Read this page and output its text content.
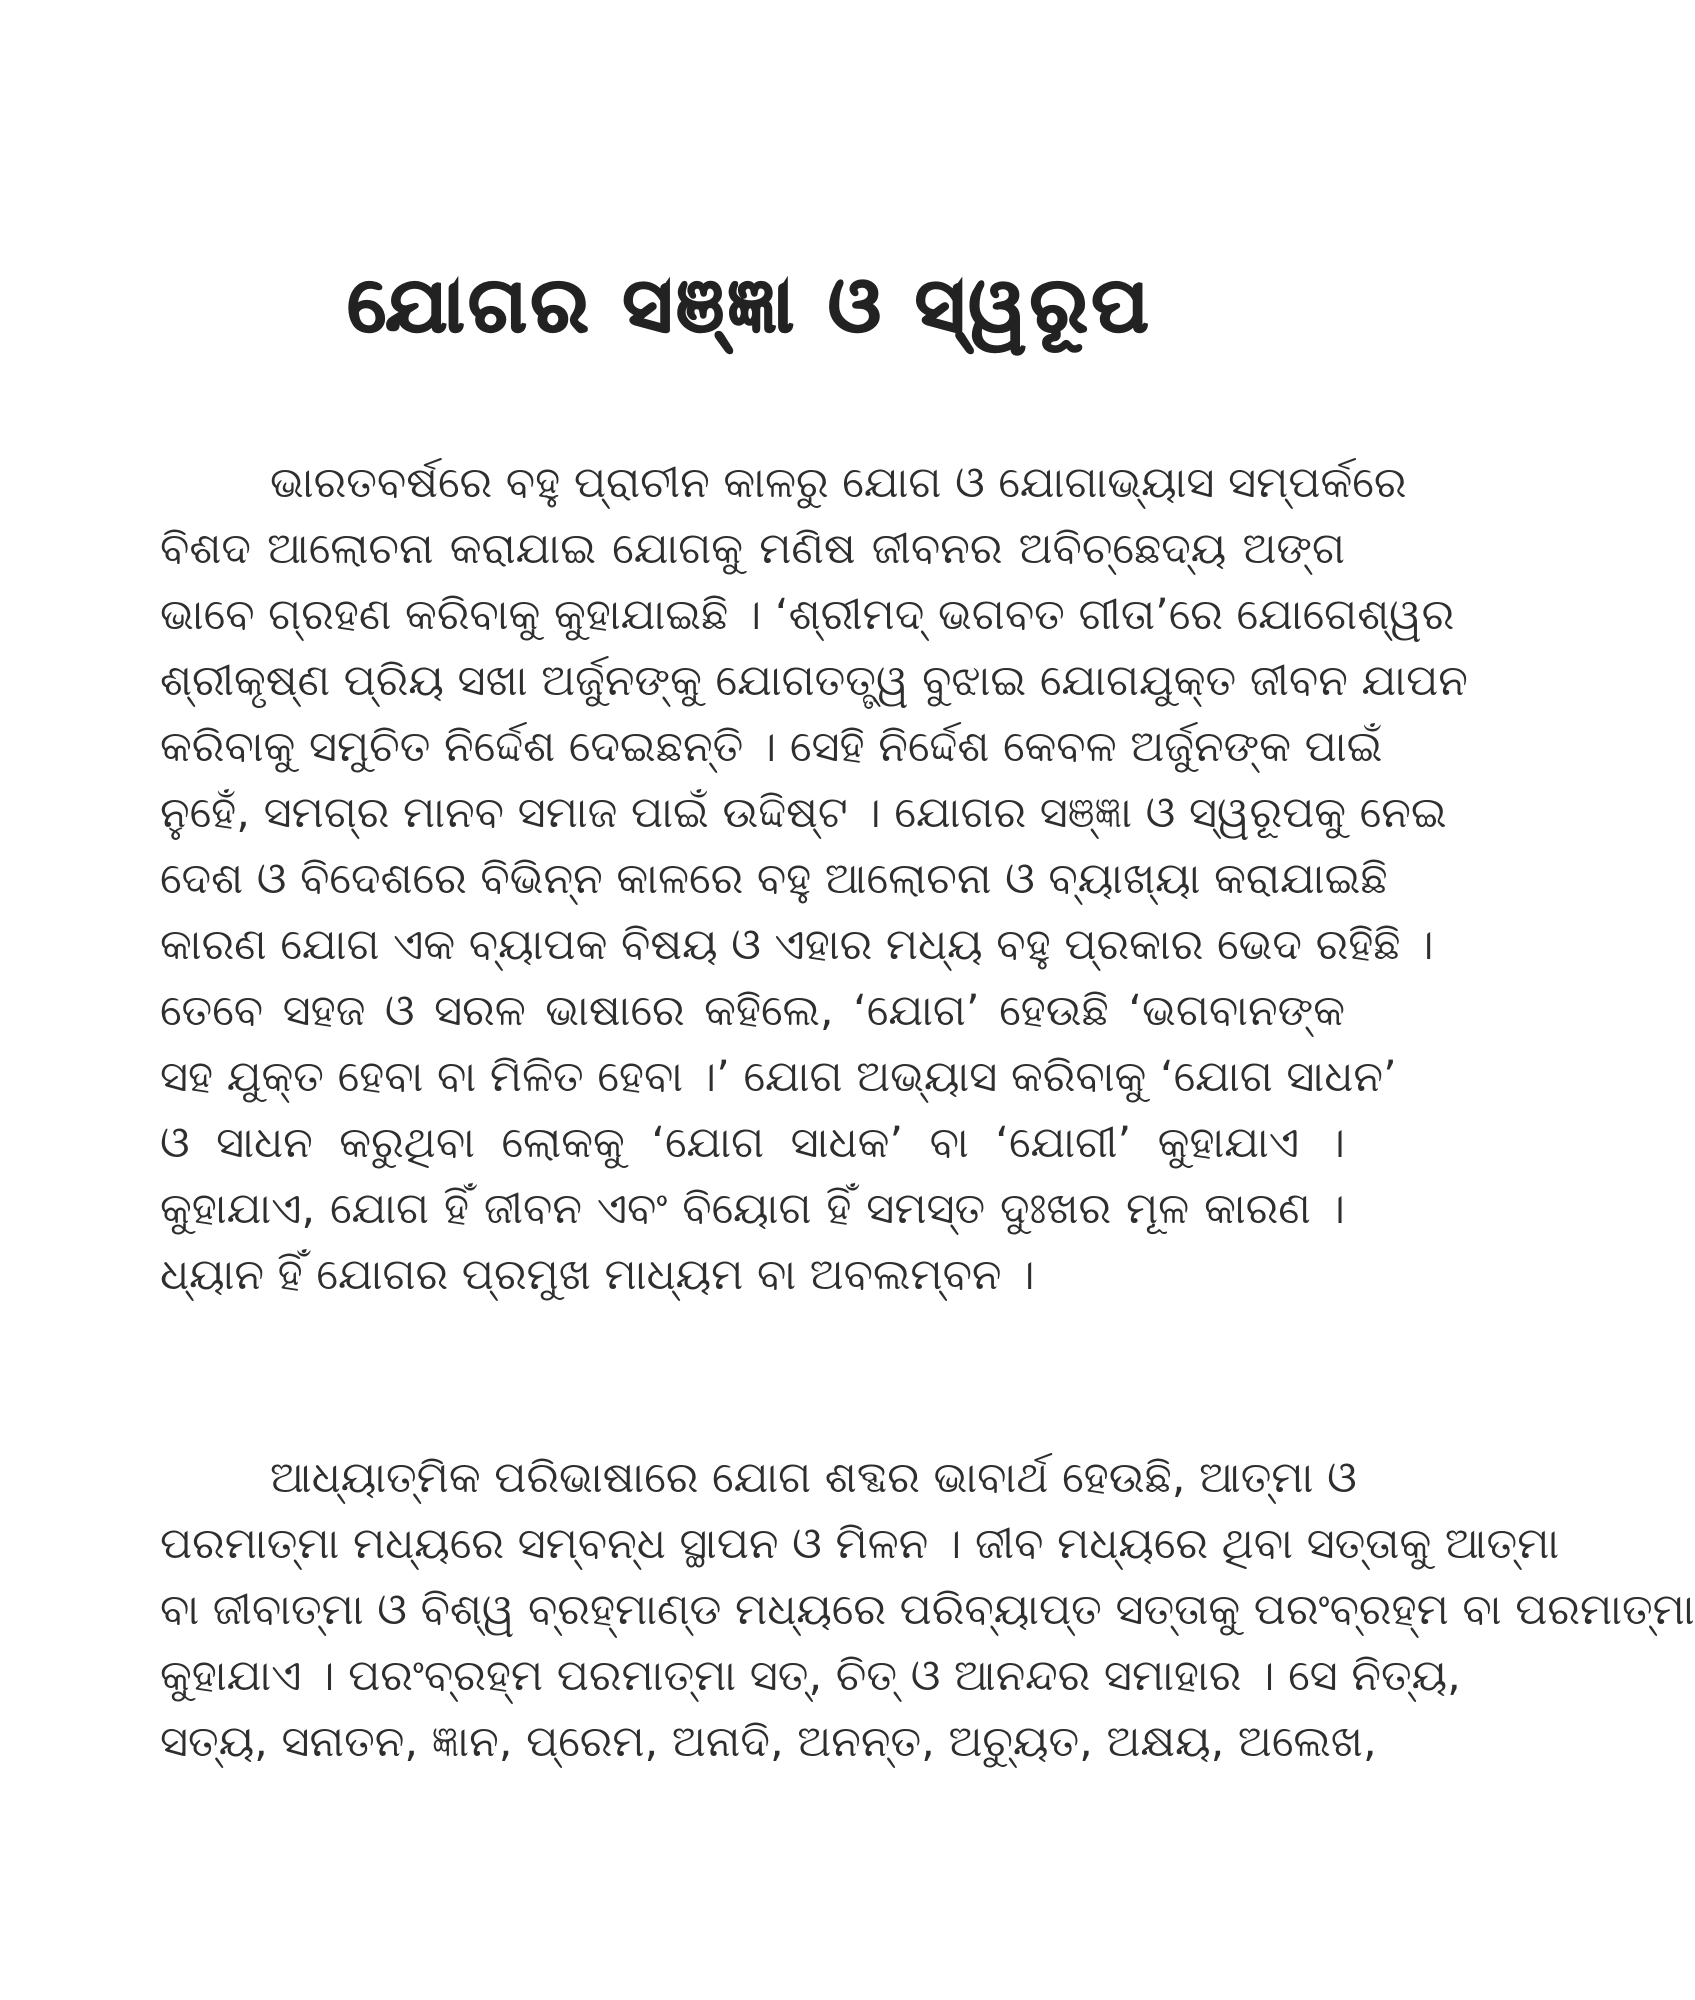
ଯୋଗର ସଞ୍ଜ୍ଞା ଓ ସ୍ୱରୂପ
ଭାରତବର୍ଷରେ ବହୁ ପ୍ରାଚୀନ କାଳରୁ ଯୋଗ ଓ ଯୋଗାଭ୍ୟାସ ସମ୍ପର୍କରେ
ବିଶଦ ଆଲୋଚନା କରାଯାଇ ଯୋଗକୁ ମଣିଷ ଜୀବନର ଅବିଚ୍ଛେଦ୍ୟ ଅଙ୍ଗ
ଭାବେ ଗ୍ରହଣ କରିବାକୁ କୁହାଯାଇଛି । ‘ଶ୍ରୀମଦ୍ ଭଗବତ ଗୀତା’ରେ ଯୋଗେଶ୍ୱର
ଶ୍ରୀକୃଷ୍ଣ ପ୍ରିୟ ସଖା ଅର୍ଜୁନଙ୍କୁ ଯୋଗତତ୍ତ୍ୱ ବୁଝାଇ ଯୋଗଯୁକ୍ତ ଜୀବନ ଯାପନ
କରିବାକୁ ସମୁଚିତ ନିର୍ଦ୍ଦେଶ ଦେଇଛନ୍ତି । ସେହି ନିର୍ଦ୍ଦେଶ କେବଳ ଅର୍ଜୁନଙ୍କ ପାଇଁ
ନୁହେଁ, ସମଗ୍ର ମାନବ ସମାଜ ପାଇଁ ଉଦ୍ଦିଷ୍ଟ । ଯୋଗର ସଞ୍ଜ୍ଞା ଓ ସ୍ୱରୂପକୁ ନେଇ
ଦେଶ ଓ ବିଦେଶରେ ବିଭିନ୍ନ କାଳରେ ବହୁ ଆଲୋଚନା ଓ ବ୍ୟାଖ୍ୟା କରାଯାଇଛି
କାରଣ ଯୋଗ ଏକ ବ୍ୟାପକ ବିଷୟ ଓ ଏହାର ମଧ୍ୟ ବହୁ ପ୍ରକାର ଭେଦ ରହିଛି ।
ତେବେ ସହଜ ଓ ସରଳ ଭାଷାରେ କହିଲେ, ‘ଯୋଗ’ ହେଉଛି ‘ଭଗବାନଙ୍କ
ସହ ଯୁକ୍ତ ହେବା ବା ମିଳିତ ହେବା ।’ ଯୋଗ ଅଭ୍ୟାସ କରିବାକୁ ‘ଯୋଗ ସାଧନ’
ଓ ସାଧନ କରୁଥିବା ଲୋକକୁ ‘ଯୋଗ ସାଧକ’ ବା ‘ଯୋଗୀ’ କୁହାଯାଏ ।
କୁହାଯାଏ, ଯୋଗ ହିଁ ଜୀବନ ଏବଂ ବିୟୋଗ ହିଁ ସମସ୍ତ ଦୁଃଖର ମୂଳ କାରଣ ।
ଧ୍ୟାନ ହିଁ ଯୋଗର ପ୍ରମୁଖ ମାଧ୍ୟମ ବା ଅବଲମ୍ବନ ।
ଆଧ୍ୟାତ୍ମିକ ପରିଭାଷାରେ ଯୋଗ ଶବ୍ଦର ଭାବାର୍ଥ ହେଉଛି, ଆତ୍ମା ଓ
ପରମାତ୍ମା ମଧ୍ୟରେ ସମ୍ବନ୍ଧ ସ୍ଥାପନ ଓ ମିଳନ । ଜୀବ ମଧ୍ୟରେ ଥିବା ସତ୍ତାକୁ ଆତ୍ମା
ବା ଜୀବାତ୍ମା ଓ ବିଶ୍ୱ ବ୍ରହ୍ମାଣ୍ଡ ମଧ୍ୟରେ ପରିବ୍ୟାପ୍ତ ସତ୍ତାକୁ ପରଂବ୍ରହ୍ମ ବା ପରମାତ୍ମା
କୁହାଯାଏ । ପରଂବ୍ରହ୍ମ ପରମାତ୍ମା ସତ୍, ଚିତ୍ ଓ ଆନନ୍ଦର ସମାହାର । ସେ ନିତ୍ୟ,
ସତ୍ୟ, ସନାତନ, ଜ୍ଞାନ, ପ୍ରେମ, ଅନାଦି, ଅନନ୍ତ, ଅଚ୍ୟୁତ, ଅକ୍ଷୟ, ଅଲେଖ,
